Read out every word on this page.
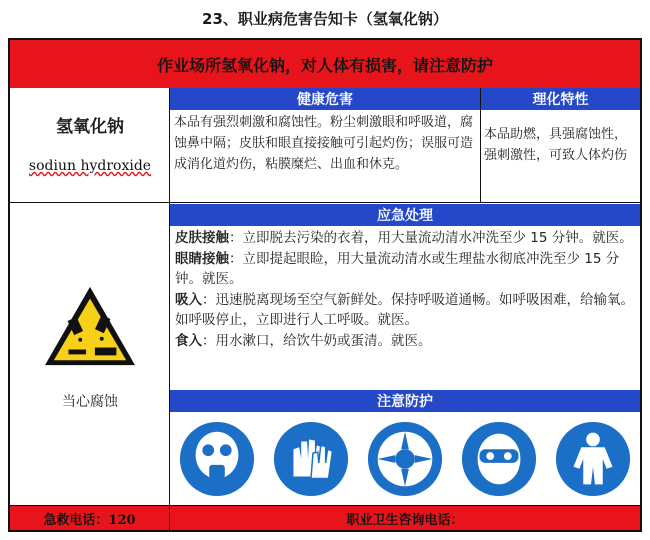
23、职业病危害告知卡（氢氧化钠）
作业场所氢氧化钠，对人体有损害，请注意防护
氢氧化钠
sodiun hydroxide
健康危害	理化特性
本品有强烈刺激和腐蚀性。粉尘刺激眼和呼吸道，腐蚀鼻中隔；皮肤和眼直接接触可引起灼伤；误服可造成消化道灼伤，粘膜糜烂、出血和休克。
本品助燃，具强腐蚀性，强刺激性，可致人体灼伤
当心腐蚀
应急处理
皮肤接触：立即脱去污染的衣着，用大量流动清水冲洗至少 15 分钟。就医。
眼睛接触：立即提起眼睑，用大量流动清水或生理盐水彻底冲洗至少 15 分钟。就医。
吸入：迅速脱离现场至空气新鲜处。保持呼吸道通畅。如呼吸困难，给输氧。如呼吸停止，立即进行人工呼吸。就医。
食入：用水漱口，给饮牛奶或蛋清。就医。
注意防护
急救电话：120	职业卫生咨询电话：
